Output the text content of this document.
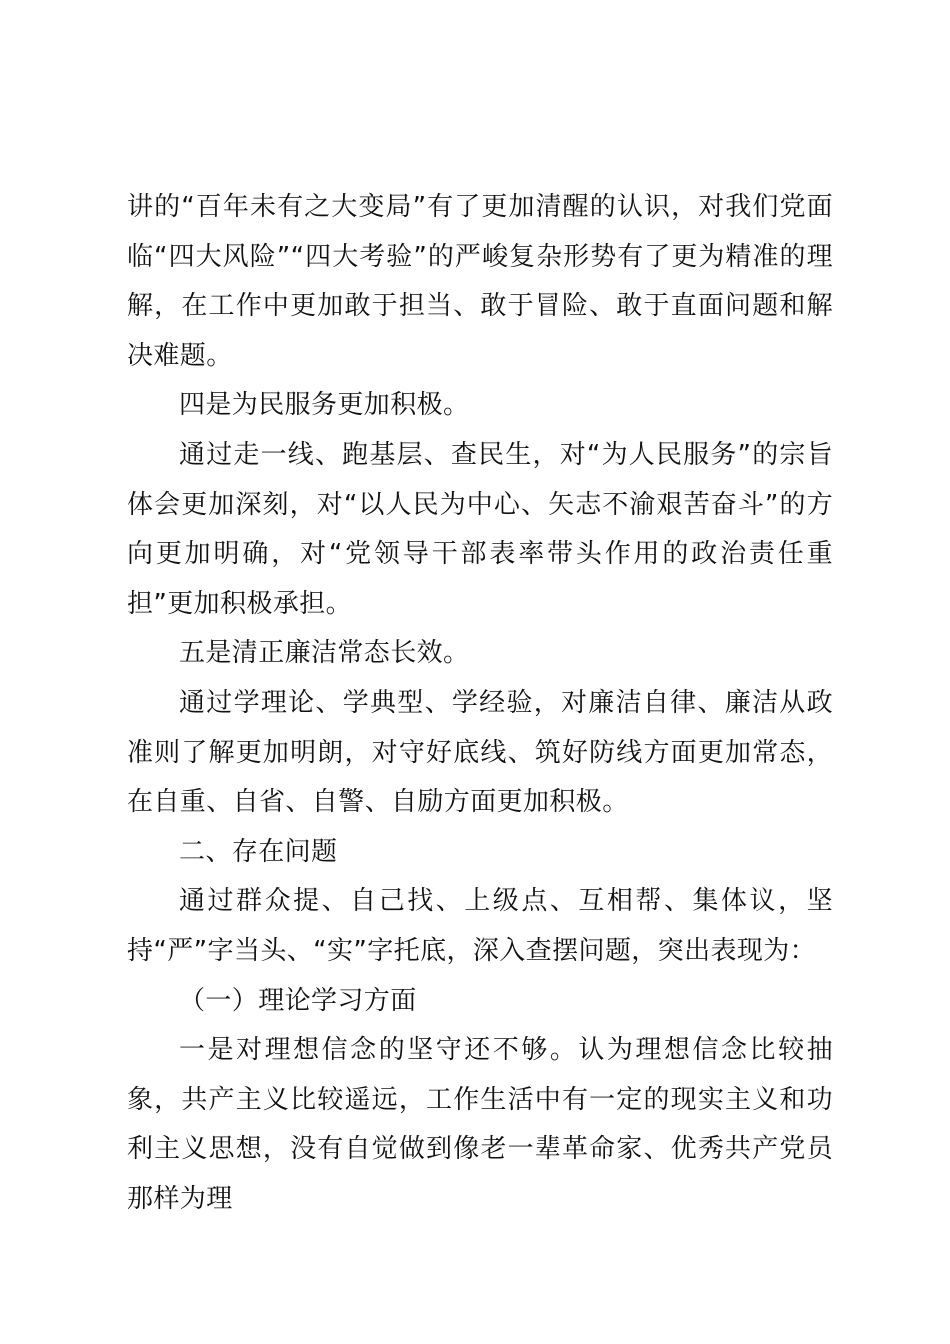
讲的“百年未有之大变局”有了更加清醒的认识，对我们党面临“四大风险”“四大考验”的严峻复杂形势有了更为精准的理解，在工作中更加敢于担当、敢于冒险、敢于直面问题和解决难题。

四是为民服务更加积极。

通过走一线、跑基层、查民生，对“为人民服务”的宗旨体会更加深刻，对“以人民为中心、矢志不渝艰苦奋斗”的方向更加明确，对“党领导干部表率带头作用的政治责任重担”更加积极承担。

五是清正廉洁常态长效。

通过学理论、学典型、学经验，对廉洁自律、廉洁从政准则了解更加明朗，对守好底线、筑好防线方面更加常态，在自重、自省、自警、自励方面更加积极。

二、存在问题

通过群众提、自己找、上级点、互相帮、集体议，坚持“严”字当头、“实”字托底，深入查摆问题，突出表现为：

（一）理论学习方面

一是对理想信念的坚守还不够。认为理想信念比较抽象，共产主义比较遥远，工作生活中有一定的现实主义和功利主义思想，没有自觉做到像老一辈革命家、优秀共产党员那样为理
